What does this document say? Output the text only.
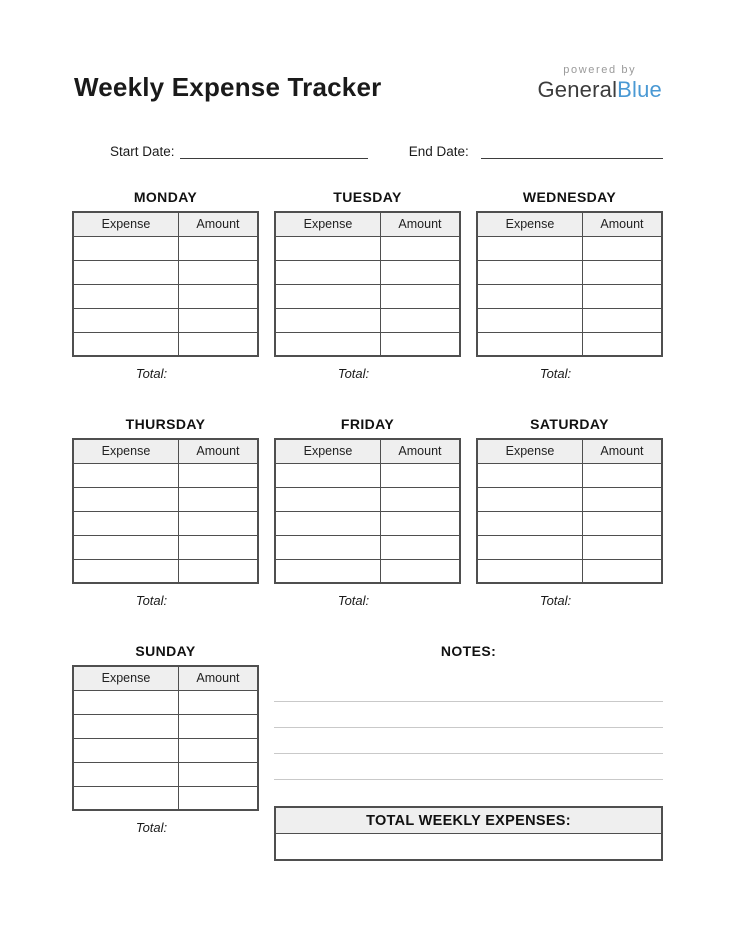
Weekly Expense Tracker
powered by
GeneralBlue
Start Date:	End Date:
MONDAY
Expense	Amount

Total:
TUESDAY
Expense	Amount

Total:
WEDNESDAY
Expense	Amount

Total:
THURSDAY
Expense	Amount

Total:
FRIDAY
Expense	Amount

Total:
SATURDAY
Expense	Amount

Total:
SUNDAY
Expense	Amount

Total:
NOTES:
TOTAL WEEKLY EXPENSES:
